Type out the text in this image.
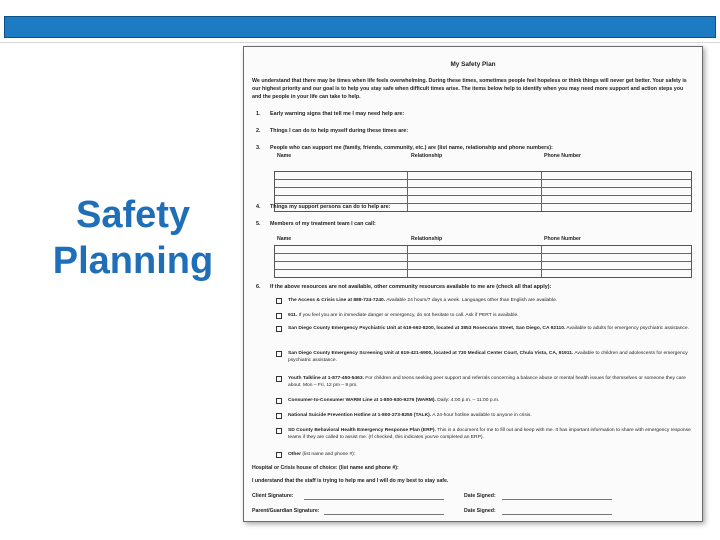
Safety
Planning
My Safety Plan
We understand that there may be times when life feels overwhelming. During these times, sometimes people feel hopeless or think things will never get better. Your safety is our highest priority and our goal is to help you stay safe when difficult times arise. The items below help to identify when you may need more support and action steps you and the people in your life can take to help.
1. Early warning signs that tell me I may need help are:
2. Things I can do to help myself during these times are:
3. People who can support me (family, friends, community, etc.) are (list name, relationship and phone numbers):
Name	Relationship	Phone Number
4. Things my support persons can do to help are:
5. Members of my treatment team I can call:
Name	Relationship	Phone Number
6. If the above resources are not available, other community resources available to me are (check all that apply):
The Access & Crisis Line at 888-724-7240. Available 24 hours/7 days a week. Languages other than English are available.
911. If you feel you are in immediate danger or emergency, do not hesitate to call. Ask if PERT is available.
San Diego County Emergency Psychiatric Unit at 619-692-8200, located at 3853 Rosecrans Street, San Diego, CA 92110. Available to adults for emergency psychiatric assistance.
San Diego County Emergency Screening Unit at 619-421-6900, located at 730 Medical Center Court, Chula Vista, CA, 91911. Available to children and adolescents for emergency psychiatric assistance.
Youth Talkline at 1-877-450-5463. For children and teens seeking peer support and referrals concerning a balance abuse or mental health issues for themselves or someone they care about. Mon – Fri, 12 pm – 9 pm.
Consumer-to-Consumer WARM Line at 1-800-930-9276 (WARM). Daily: 4:00 p.m. – 11:00 p.m.
National Suicide Prevention Hotline at 1-800-273-8255 (TALK). A 24-hour hotline available to anyone in crisis.
SD County Behavioral Health Emergency Response Plan (ERP). This is a document for me to fill out and keep with me. It has important information to share with emergency response teams if they are called to assist me. (If checked, this indicates you've completed an ERP).
Other (list name and phone #):
Hospital or Crisis house of choice: (list name and phone #):
I understand that the staff is trying to help me and I will do my best to stay safe.
Client Signature:	Date Signed:
Parent/Guardian Signature:	Date Signed:
